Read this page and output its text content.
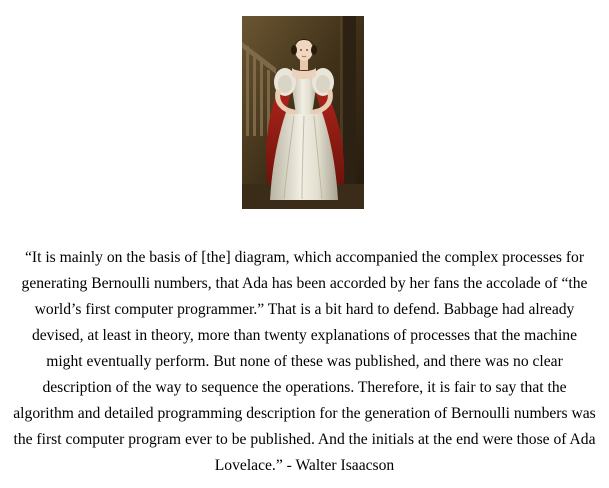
“It is mainly on the basis of [the] diagram, which accompanied the complex processes for
generating Bernoulli numbers, that Ada has been accorded by her fans the accolade of “the
world’s first computer programmer.” That is a bit hard to defend. Babbage had already
devised, at least in theory, more than twenty explanations of processes that the machine
might eventually perform. But none of these was published, and there was no clear
description of the way to sequence the operations. Therefore, it is fair to say that the
algorithm and detailed programming description for the generation of Bernoulli numbers was
the first computer program ever to be published. And the initials at the end were those of Ada
Lovelace.” - Walter Isaacson
